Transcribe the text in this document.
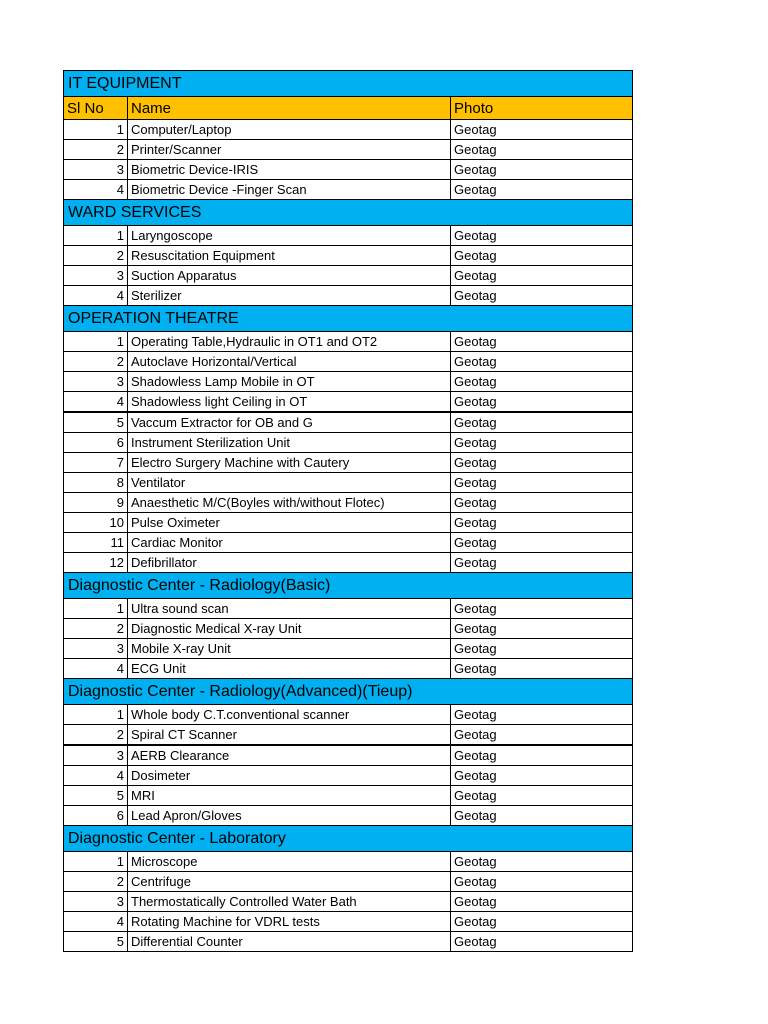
IT EQUIPMENT		
Sl No	Name	Photo
1	Computer/Laptop	Geotag
2	Printer/Scanner	Geotag
3	Biometric Device-IRIS	Geotag
4	Biometric Device -Finger Scan	Geotag
WARD SERVICES		
1	Laryngoscope	Geotag
2	Resuscitation Equipment	Geotag
3	Suction Apparatus	Geotag
4	Sterilizer	Geotag
OPERATION THEATRE		
1	Operating Table,Hydraulic in OT1 and OT2	Geotag
2	Autoclave Horizontal/Vertical	Geotag
3	Shadowless Lamp Mobile in OT	Geotag
4	Shadowless light Ceiling in OT	Geotag
5	Vaccum Extractor for OB and G	Geotag
6	Instrument Sterilization Unit	Geotag
7	Electro Surgery Machine with Cautery	Geotag
8	Ventilator	Geotag
9	Anaesthetic M/C(Boyles with/without Flotec)	Geotag
10	Pulse Oximeter	Geotag
11	Cardiac Monitor	Geotag
12	Defibrillator	Geotag
Diagnostic Center - Radiology(Basic)		
1	Ultra sound scan	Geotag
2	Diagnostic Medical X-ray Unit	Geotag
3	Mobile X-ray Unit	Geotag
4	ECG Unit	Geotag
Diagnostic Center - Radiology(Advanced)(Tieup)		
1	Whole body C.T.conventional scanner	Geotag
2	Spiral CT Scanner	Geotag
3	AERB Clearance	Geotag
4	Dosimeter	Geotag
5	MRI	Geotag
6	Lead Apron/Gloves	Geotag
Diagnostic Center - Laboratory		
1	Microscope	Geotag
2	Centrifuge	Geotag
3	Thermostatically Controlled Water Bath	Geotag
4	Rotating Machine for VDRL tests	Geotag
5	Differential Counter	Geotag
